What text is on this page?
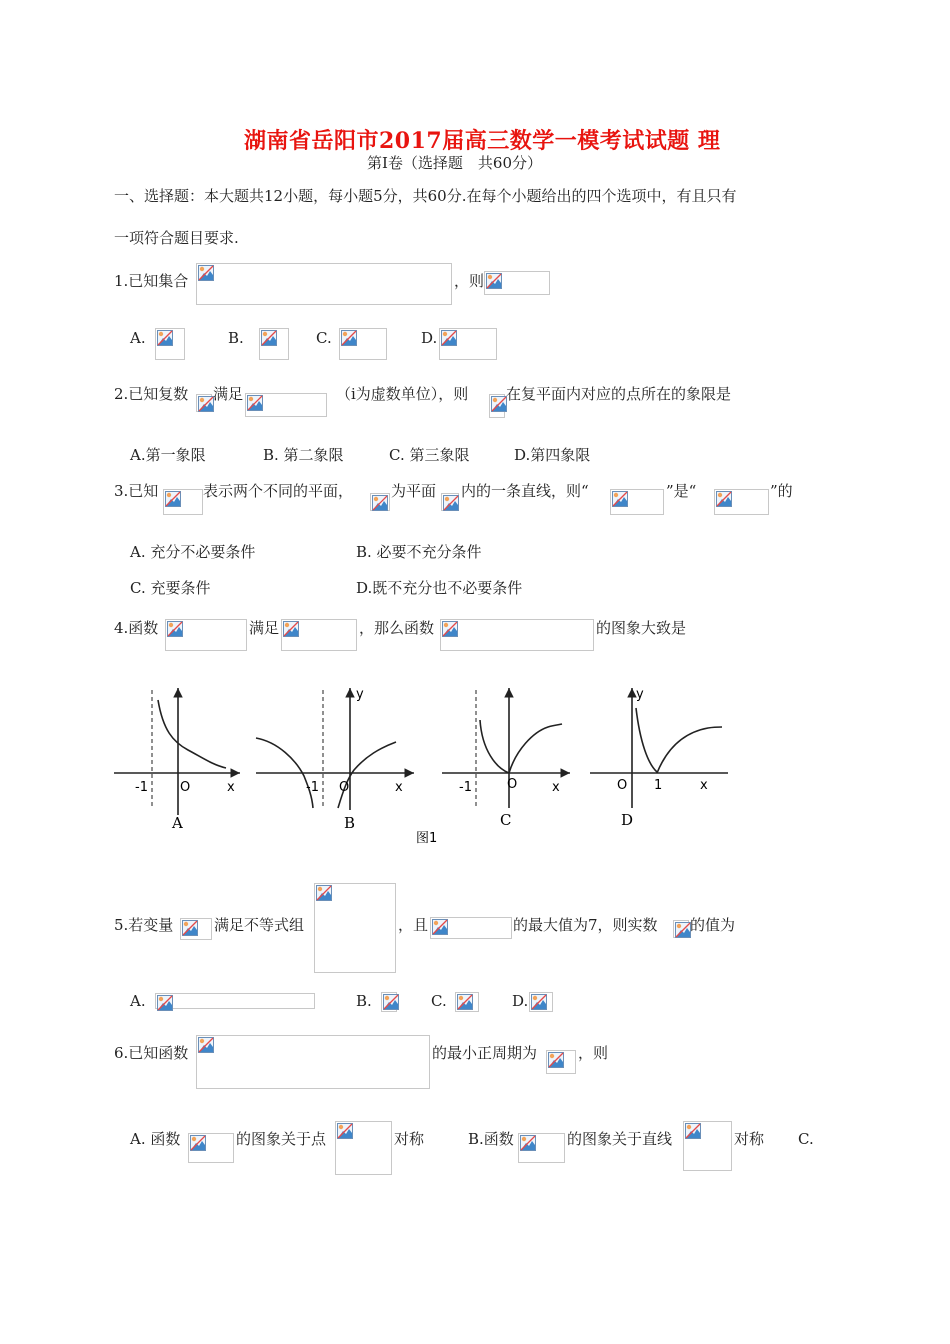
湖南省岳阳市2017届高三数学一模考试试题 理
第Ⅰ卷（选择题　共60分）
一、选择题：本大题共12小题，每小题5分，共60分.在每个小题给出的四个选项中，有且只有
一项符合题目要求.
1.已知集合	，则
A.	B.	C.	D.
2.已知复数 满足	（i为虚数单位），则	在复平面内对应的点所在的象限是
A.第一象限	B. 第二象限	C. 第三象限	D.第四象限
3.已知	表示两个不同的平面，	为平面 内的一条直线，则“	”是“	”的
A. 充分不必要条件	B. 必要不充分条件
C. 充要条件	D.既不充分也不必要条件
4.函数	满足	，那么函数	的图象大致是
-1 O	x	-1 O	x
y
-1	O	x	O 1	x
y
A	B	C	D
图1
5.若变量	满足不等式组	，且	的最大值为7，则实数 的值为
A.	B.	C.	D.
6.已知函数	的最小正周期为	，则
A. 函数	的图象关于点	对称	B.函数	的图象关于直线	对称 C.
